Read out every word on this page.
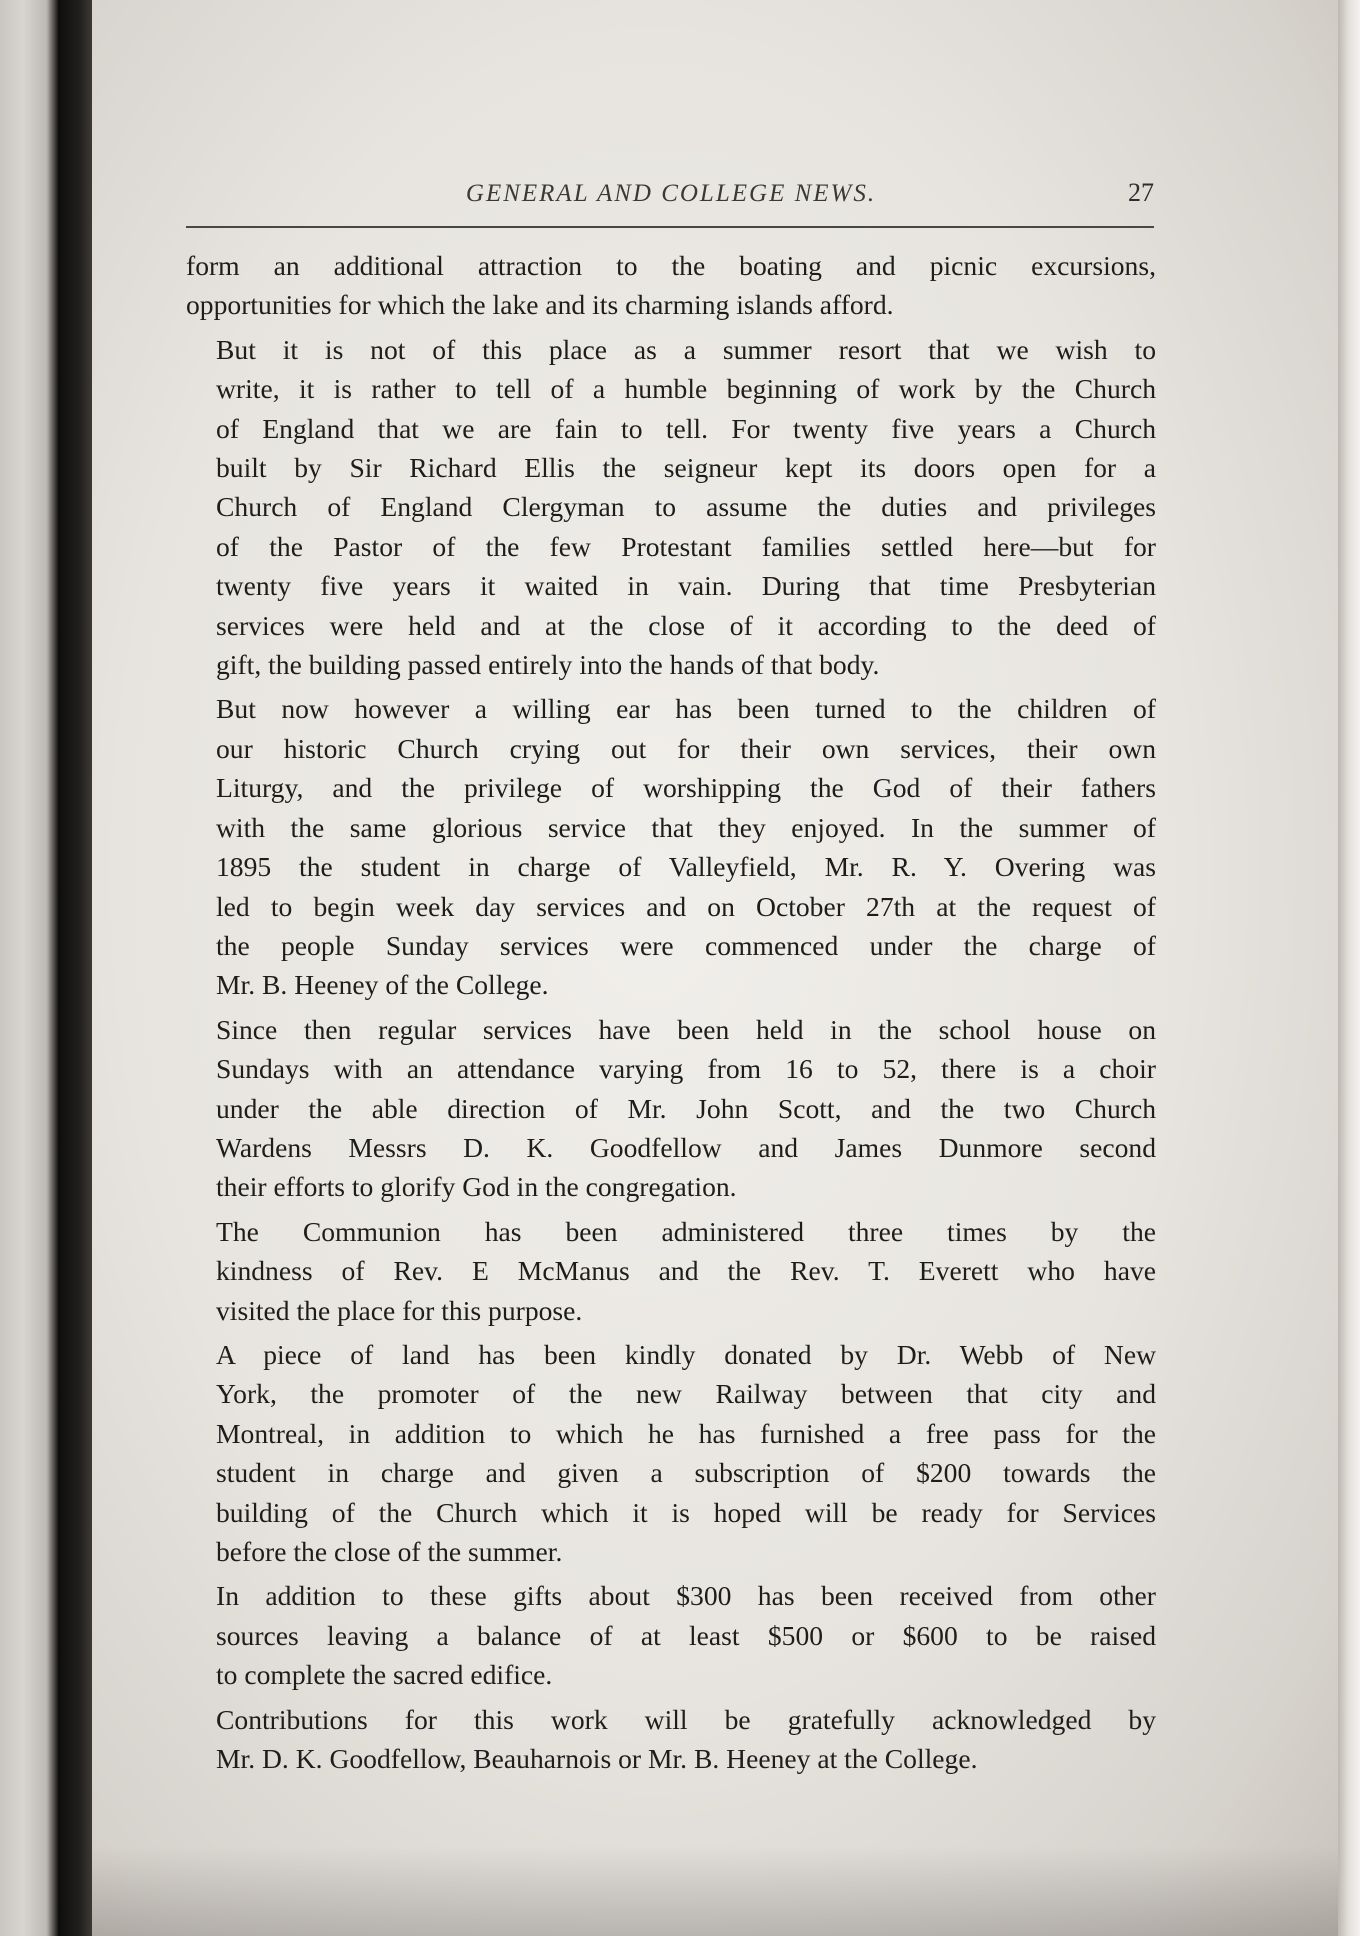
GENERAL AND COLLEGE NEWS.	27

form an additional attraction to the boating and picnic excursions,
opportunities for which the lake and its charming islands afford.

But it is not of this place as a summer resort that we wish to
write, it is rather to tell of a humble beginning of work by the Church
of England that we are fain to tell. For twenty five years a Church
built by Sir Richard Ellis the seigneur kept its doors open for a
Church of England Clergyman to assume the duties and privileges
of the Pastor of the few Protestant families settled here—but for
twenty five years it waited in vain. During that time Presbyterian
services were held and at the close of it according to the deed of
gift, the building passed entirely into the hands of that body.

But now however a willing ear has been turned to the children of
our historic Church crying out for their own services, their own
Liturgy, and the privilege of worshipping the God of their fathers
with the same glorious service that they enjoyed. In the summer of
1895 the student in charge of Valleyfield, Mr. R. Y. Overing was
led to begin week day services and on October 27th at the request of
the people Sunday services were commenced under the charge of
Mr. B. Heeney of the College.

Since then regular services have been held in the school house on
Sundays with an attendance varying from 16 to 52, there is a choir
under the able direction of Mr. John Scott, and the two Church
Wardens Messrs D. K. Goodfellow and James Dunmore second
their efforts to glorify God in the congregation.

The Communion has been administered three times by the
kindness of Rev. E McManus and the Rev. T. Everett who have
visited the place for this purpose.

A piece of land has been kindly donated by Dr. Webb of New
York, the promoter of the new Railway between that city and
Montreal, in addition to which he has furnished a free pass for the
student in charge and given a subscription of $200 towards the
building of the Church which it is hoped will be ready for Services
before the close of the summer.

In addition to these gifts about $300 has been received from other
sources leaving a balance of at least $500 or $600 to be raised
to complete the sacred edifice.

Contributions for this work will be gratefully acknowledged by
Mr. D. K. Goodfellow, Beauharnois or Mr. B. Heeney at the College.
